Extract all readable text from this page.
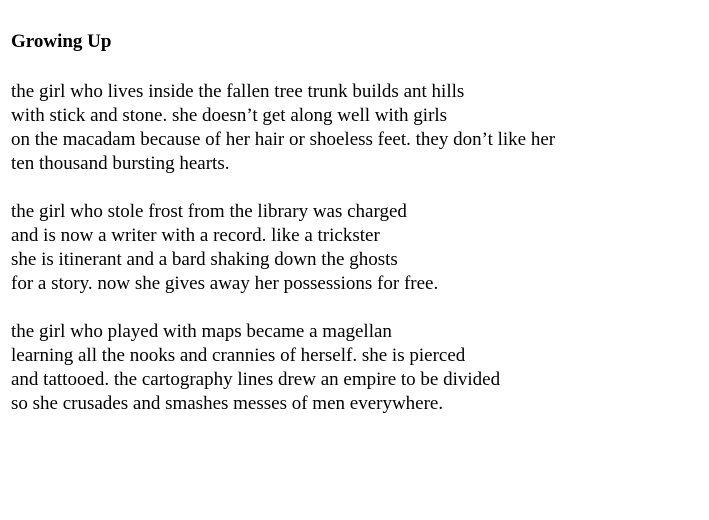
Growing Up
the girl who lives inside the fallen tree trunk builds ant hills
with stick and stone. she doesn’t get along well with girls
on the macadam because of her hair or shoeless feet. they don’t like her
ten thousand bursting hearts.
the girl who stole frost from the library was charged
and is now a writer with a record. like a trickster
she is itinerant and a bard shaking down the ghosts
for a story. now she gives away her possessions for free.
the girl who played with maps became a magellan
learning all the nooks and crannies of herself. she is pierced
and tattooed. the cartography lines drew an empire to be divided
so she crusades and smashes messes of men everywhere.
